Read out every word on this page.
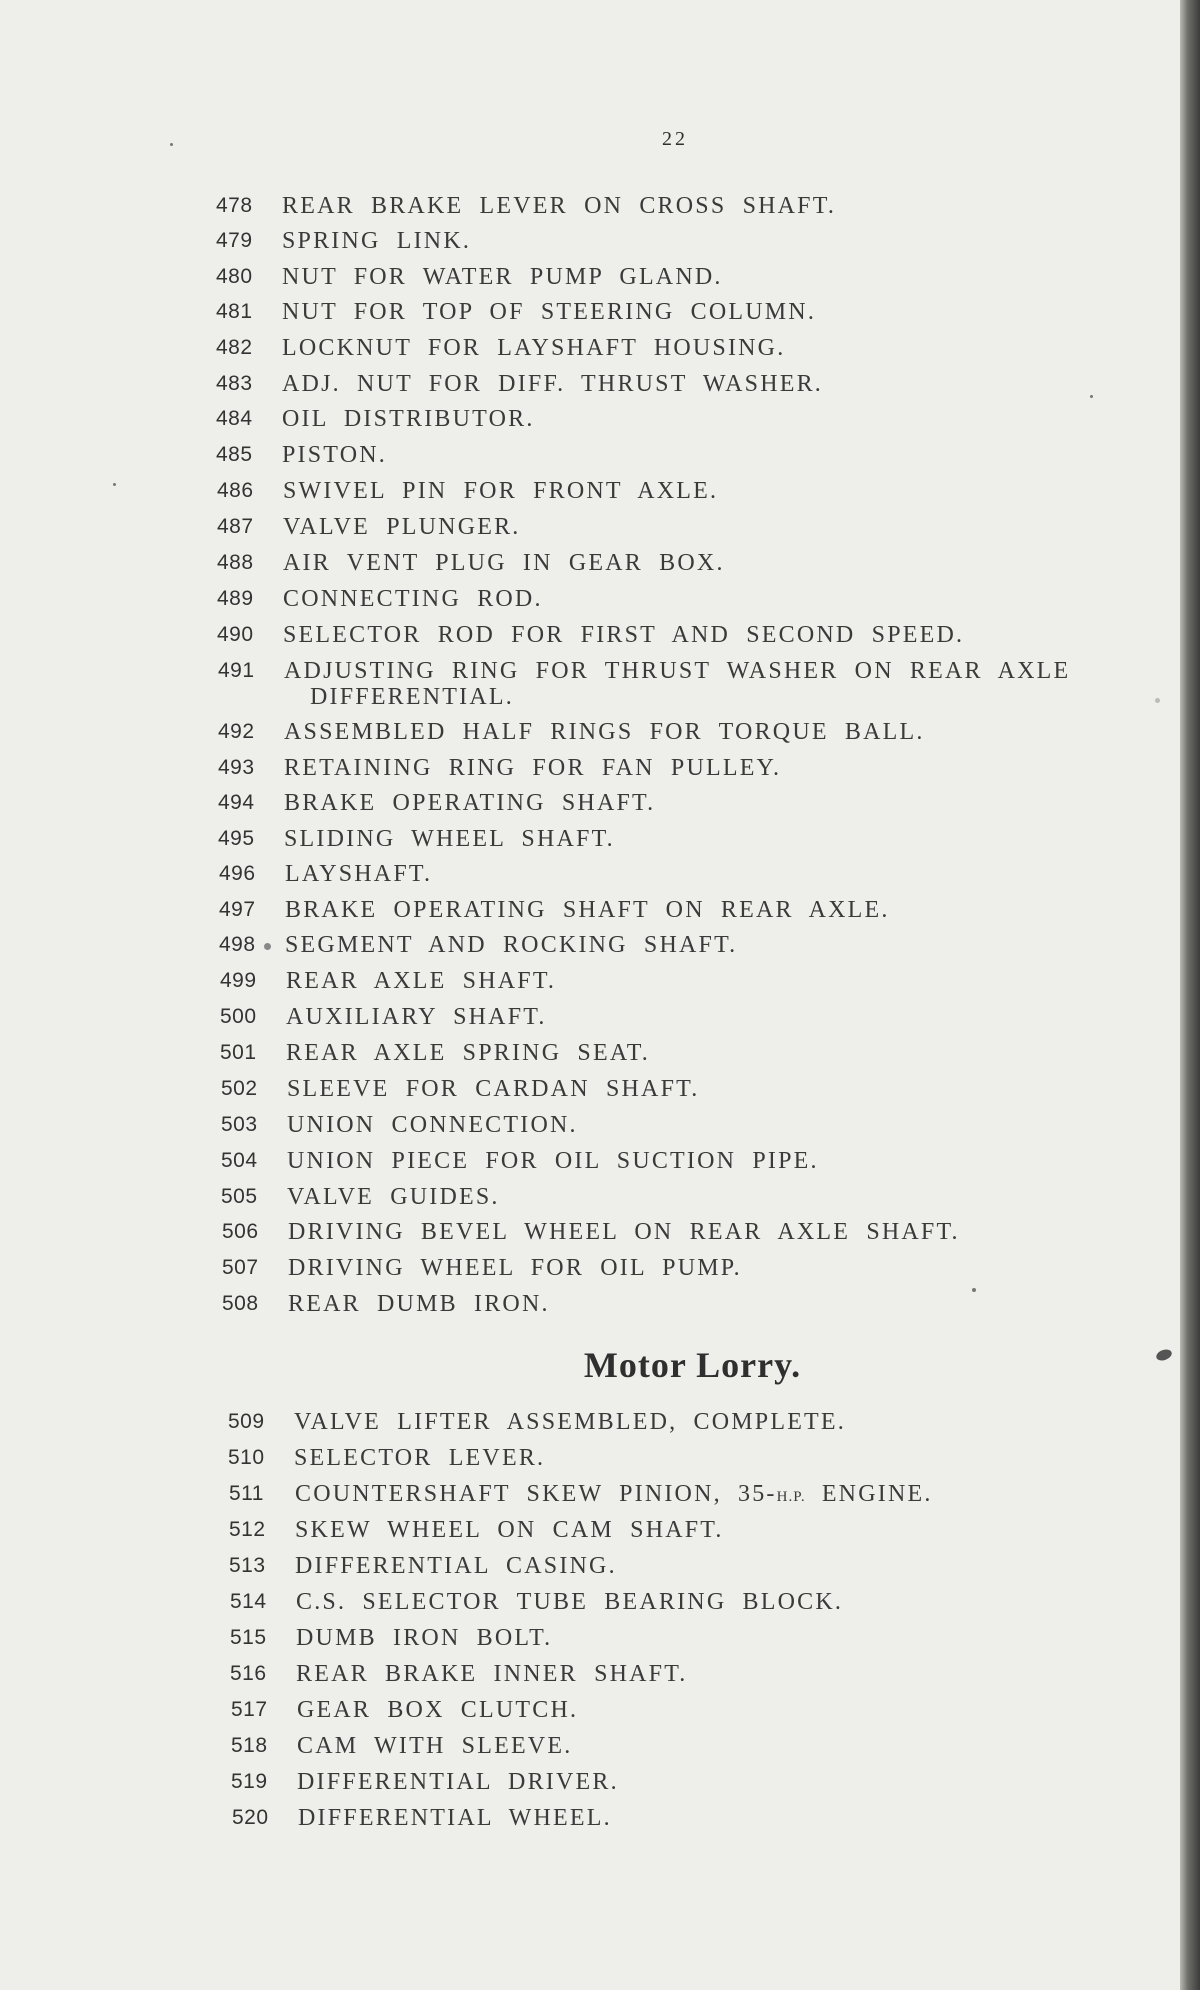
22
478 REAR BRAKE LEVER ON CROSS SHAFT.
479 SPRING LINK.
480 NUT FOR WATER PUMP GLAND.
481 NUT FOR TOP OF STEERING COLUMN.
482 LOCKNUT FOR LAYSHAFT HOUSING.
483 ADJ. NUT FOR DIFF. THRUST WASHER.
484 OIL DISTRIBUTOR.
485 PISTON.
486 SWIVEL PIN FOR FRONT AXLE.
487 VALVE PLUNGER.
488 AIR VENT PLUG IN GEAR BOX.
489 CONNECTING ROD.
490 SELECTOR ROD FOR FIRST AND SECOND SPEED.
491 ADJUSTING RING FOR THRUST WASHER ON REAR AXLE
DIFFERENTIAL.
492 ASSEMBLED HALF RINGS FOR TORQUE BALL.
493 RETAINING RING FOR FAN PULLEY.
494 BRAKE OPERATING SHAFT.
495 SLIDING WHEEL SHAFT.
496 LAYSHAFT.
497 BRAKE OPERATING SHAFT ON REAR AXLE.
498 SEGMENT AND ROCKING SHAFT.
499 REAR AXLE SHAFT.
500 AUXILIARY SHAFT.
501 REAR AXLE SPRING SEAT.
502 SLEEVE FOR CARDAN SHAFT.
503 UNION CONNECTION.
504 UNION PIECE FOR OIL SUCTION PIPE.
505 VALVE GUIDES.
506 DRIVING BEVEL WHEEL ON REAR AXLE SHAFT.
507 DRIVING WHEEL FOR OIL PUMP.
508 REAR DUMB IRON.
Motor Lorry.
509 VALVE LIFTER ASSEMBLED, COMPLETE.
510 SELECTOR LEVER.
511 COUNTERSHAFT SKEW PINION, 35-H.P. ENGINE.
512 SKEW WHEEL ON CAM SHAFT.
513 DIFFERENTIAL CASING.
514 C.S. SELECTOR TUBE BEARING BLOCK.
515 DUMB IRON BOLT.
516 REAR BRAKE INNER SHAFT.
517 GEAR BOX CLUTCH.
518 CAM WITH SLEEVE.
519 DIFFERENTIAL DRIVER.
520 DIFFERENTIAL WHEEL.
